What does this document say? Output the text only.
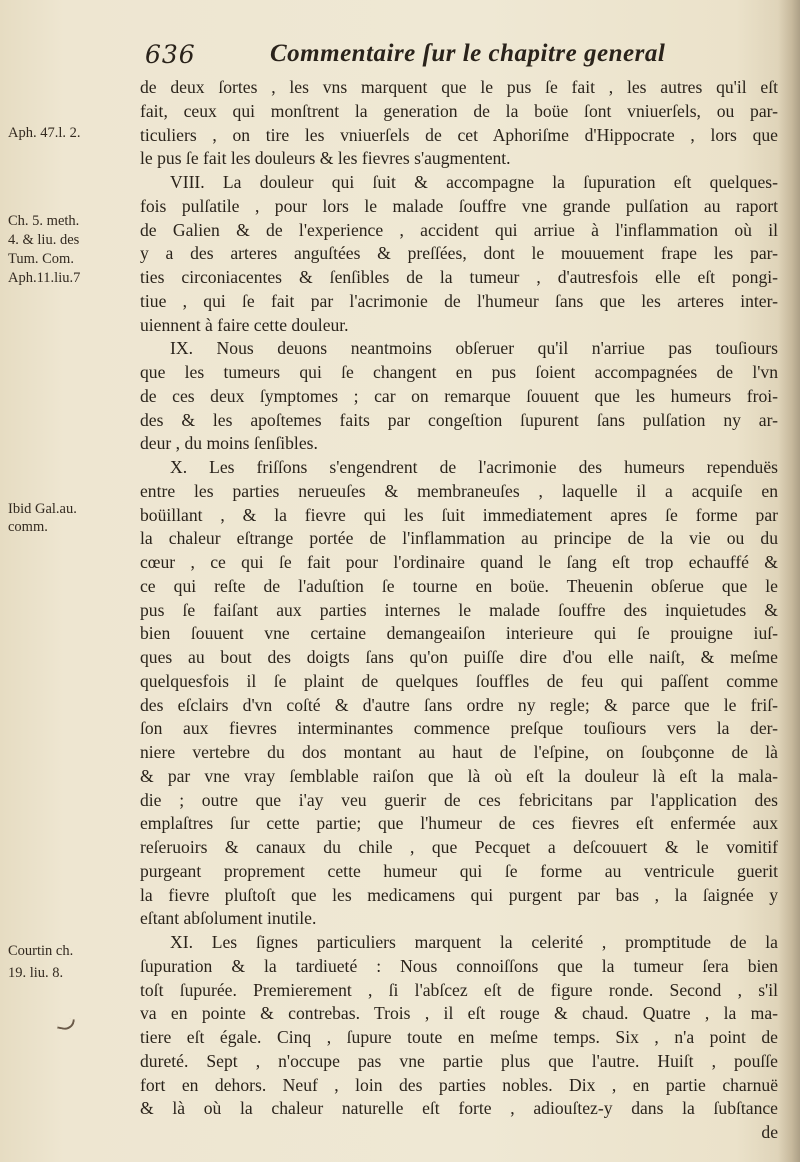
636	Commentaire ſur le chapitre general
Aph. 47.l. 2.
Ch. 5. meth.
4. & liu. des
Tum. Com.
Aph.11.liu.7
Ibid Gal.au.
comm.
Courtin ch.
19. liu. 8.
de deux ſortes , les vns marquent que le pus ſe fait , les autres qu'il eſt
fait, ceux qui monſtrent la generation de la boüe ſont vniuerſels, ou par-
ticuliers , on tire les vniuerſels de cet Aphoriſme d'Hippocrate , lors que
le pus ſe fait les douleurs & les fievres s'augmentent.
VIII. La douleur qui ſuit & accompagne la ſupuration eſt quelques-
fois pulſatile , pour lors le malade ſouffre vne grande pulſation au raport
de Galien & de l'experience , accident qui arriue à l'inflammation où il
y a des arteres anguſtées & preſſées, dont le mouuement frape les par-
ties circoniacentes & ſenſibles de la tumeur , d'autresfois elle eſt pongi-
tiue , qui ſe fait par l'acrimonie de l'humeur ſans que les arteres inter-
uiennent à faire cette douleur.
IX. Nous deuons neantmoins obſeruer qu'il n'arriue pas touſiours
que les tumeurs qui ſe changent en pus ſoient accompagnées de l'vn
de ces deux ſymptomes ; car on remarque ſouuent que les humeurs froi-
des & les apoſtemes faits par congeſtion ſupurent ſans pulſation ny ar-
deur , du moins ſenſibles.
X. Les friſſons s'engendrent de l'acrimonie des humeurs rependuës
entre les parties nerueuſes & membraneuſes , laquelle il a acquiſe en
boüillant , & la fievre qui les ſuit immediatement apres ſe forme par
la chaleur eſtrange portée de l'inflammation au principe de la vie ou du
cœur , ce qui ſe fait pour l'ordinaire quand le ſang eſt trop echauffé &
ce qui reſte de l'aduſtion ſe tourne en boüe. Theuenin obſerue que le
pus ſe faiſant aux parties internes le malade ſouffre des inquietudes &
bien ſouuent vne certaine demangeaiſon interieure qui ſe prouigne iuſ-
ques au bout des doigts ſans qu'on puiſſe dire d'ou elle naiſt, & meſme
quelquesfois il ſe plaint de quelques ſouffles de feu qui paſſent comme
des eſclairs d'vn coſté & d'autre ſans ordre ny regle; & parce que le friſ-
ſon aux fievres interminantes commence preſque touſiours vers la der-
niere vertebre du dos montant au haut de l'eſpine, on ſoubçonne de là
& par vne vray ſemblable raiſon que là où eſt la douleur là eſt la mala-
die ; outre que i'ay veu guerir de ces febricitans par l'application des
emplaſtres ſur cette partie; que l'humeur de ces fievres eſt enfermée aux
reſeruoirs & canaux du chile , que Pecquet a deſcouuert & le vomitif
purgeant proprement cette humeur qui ſe forme au ventricule guerit
la fievre pluſtoſt que les medicamens qui purgent par bas , la ſaignée y
eſtant abſolument inutile.
XI. Les ſignes particuliers marquent la celerité , promptitude de la
ſupuration & la tardiueté : Nous connoiſſons que la tumeur ſera bien
toſt ſupurée. Premierement , ſi l'abſcez eſt de figure ronde. Second , s'il
va en pointe & contrebas. Trois , il eſt rouge & chaud. Quatre , la ma-
tiere eſt égale. Cinq , ſupure toute en meſme temps. Six , n'a point de
dureté. Sept , n'occupe pas vne partie plus que l'autre. Huiſt , pouſſe
fort en dehors. Neuf , loin des parties nobles. Dix , en partie charnuë
& là où la chaleur naturelle eſt forte , adiouſtez-y dans la ſubſtance
de
